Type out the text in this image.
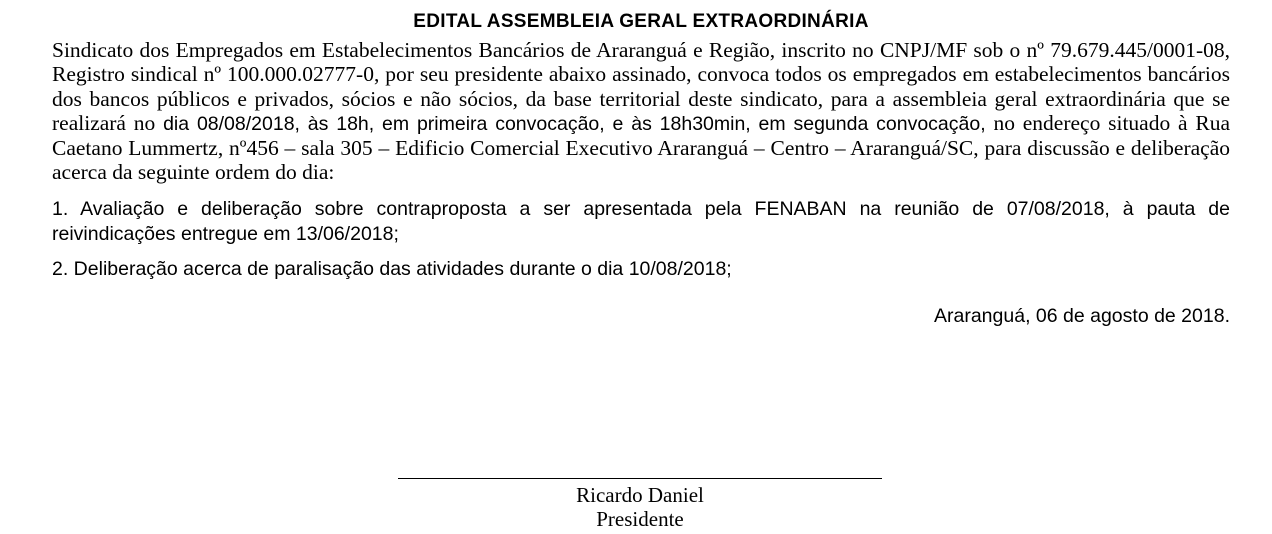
EDITAL ASSEMBLEIA GERAL EXTRAORDINÁRIA

Sindicato dos Empregados em Estabelecimentos Bancários de Araranguá e Região, inscrito no CNPJ/MF sob o nº 79.679.445/0001-08, Registro sindical nº 100.000.02777-0, por seu presidente abaixo assinado, convoca todos os empregados em estabelecimentos bancários dos bancos públicos e privados, sócios e não sócios, da base territorial deste sindicato, para a assembleia geral extraordinária que se realizará no dia 08/08/2018, às 18h, em primeira convocação, e às 18h30min, em segunda convocação, no endereço situado à Rua Caetano Lummertz, nº456 – sala 305 – Edificio Comercial Executivo Araranguá – Centro – Araranguá/SC, para discussão e deliberação acerca da seguinte ordem do dia:

1. Avaliação e deliberação sobre contraproposta a ser apresentada pela FENABAN na reunião de 07/08/2018, à pauta de reivindicações entregue em 13/06/2018;

2. Deliberação acerca de paralisação das atividades durante o dia 10/08/2018;

Araranguá, 06 de agosto de 2018.

Ricardo Daniel
Presidente
